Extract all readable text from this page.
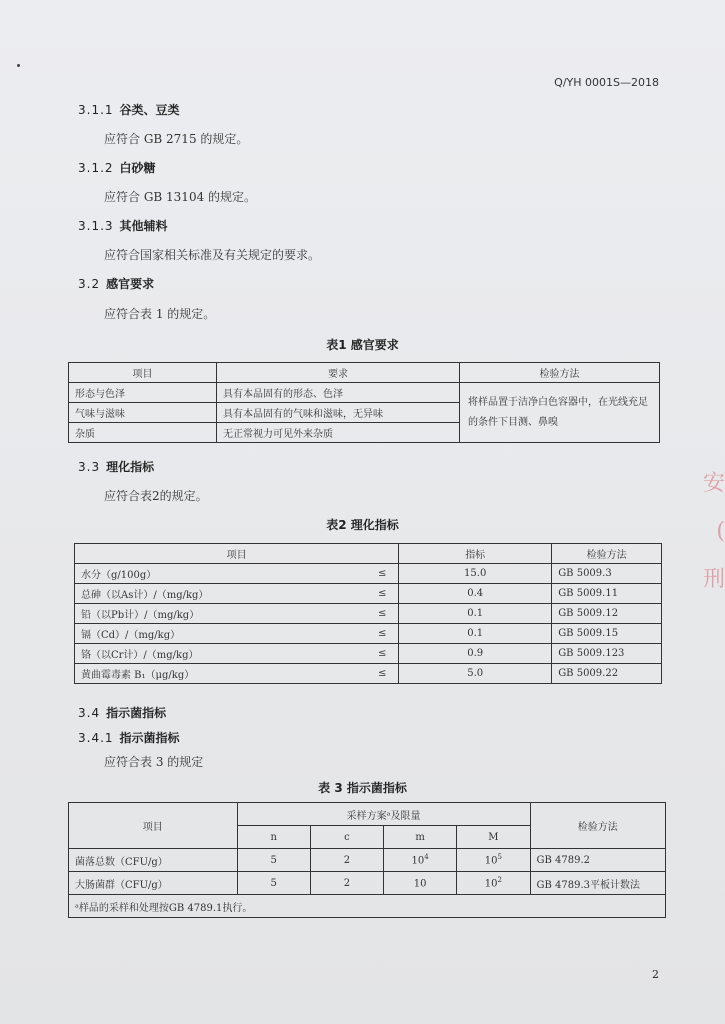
Q/YH 0001S—2018
3.1.1 谷类、豆类
应符合 GB 2715 的规定。
3.1.2 白砂糖
应符合 GB 13104 的规定。
3.1.3 其他辅料
应符合国家相关标准及有关规定的要求。
3.2 感官要求
应符合表 1 的规定。
表1 感官要求
项目	要求	检验方法
形态与色泽	具有本品固有的形态、色泽	将样品置于洁净白色容器中，在光线充足的条件下目测、鼻嗅
气味与滋味	具有本品固有的气味和滋味，无异味	
杂质	无正常视力可见外来杂质	
3.3 理化指标
应符合表2的规定。
表2 理化指标
项目		指标	检验方法
水分（g/100g）	≤	15.0	GB 5009.3
总砷（以As计）/（mg/kg）	≤	0.4	GB 5009.11
铅（以Pb计）/（mg/kg）	≤	0.1	GB 5009.12
镉（Cd）/（mg/kg）	≤	0.1	GB 5009.15
铬（以Cr计）/（mg/kg）	≤	0.9	GB 5009.123
黄曲霉毒素 B₁（μg/kg）	≤	5.0	GB 5009.22
3.4 指示菌指标
3.4.1 指示菌指标
应符合表 3 的规定
表 3 指示菌指标
项目	采样方案ᵃ及限量				检验方法
	n	c	m	M	
菌落总数（CFU/g）	5	2	$10^4$	$10^5$	GB 4789.2
大肠菌群（CFU/g）	5	2	10	$10^2$	GB 4789.3平板计数法
ᵃ样品的采样和处理按GB 4789.1执行。					
2
安
(
刑
